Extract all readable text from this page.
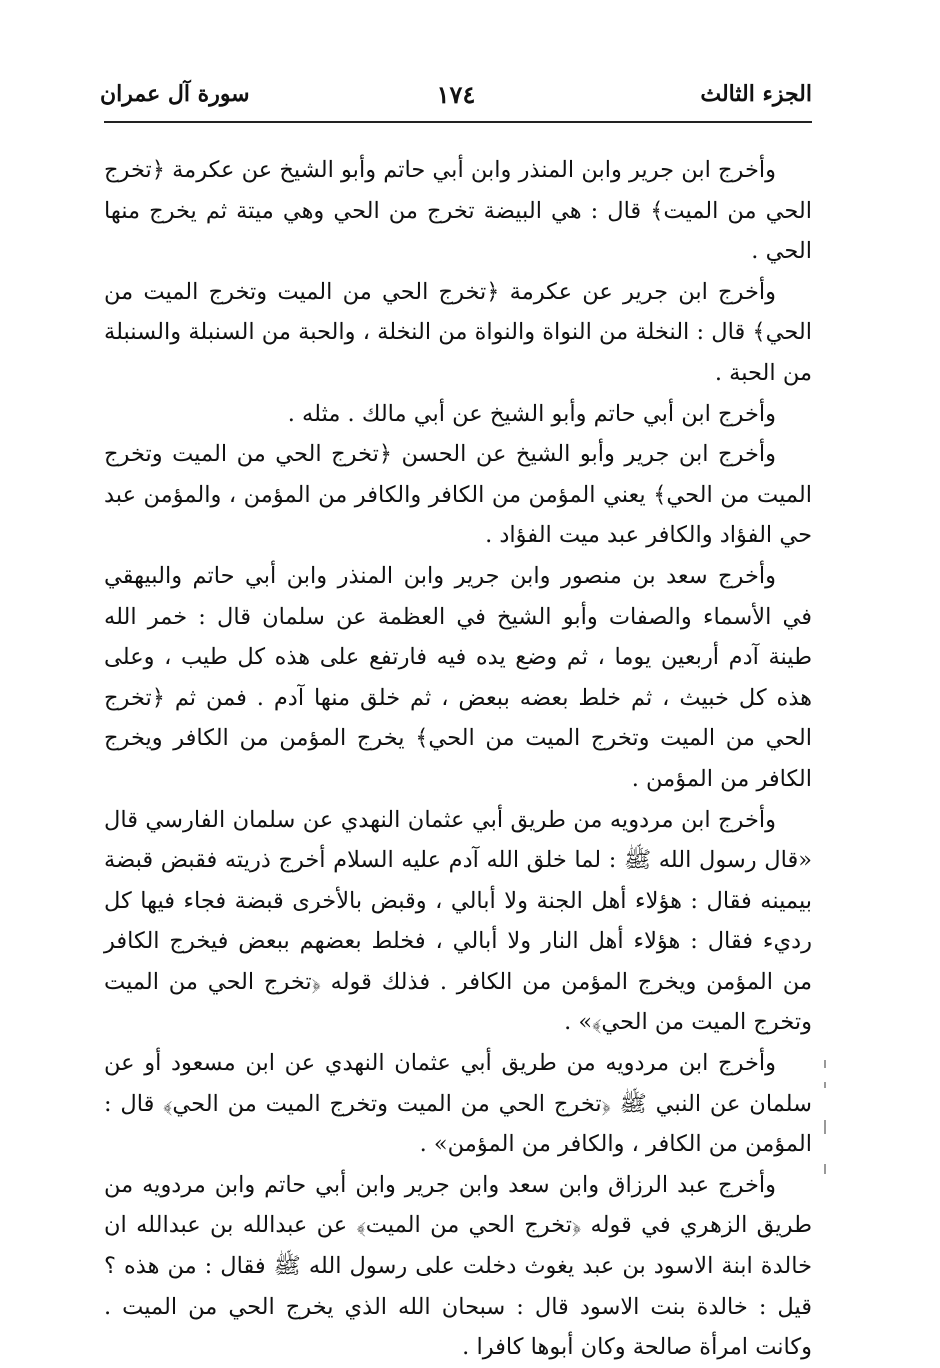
الجزء الثالث
١٧٤
سورة آل عمران

وأخرج ابن جرير وابن المنذر وابن أبي حاتم وأبو الشيخ عن عكرمة ﴿تخرج الحي من الميت﴾ قال : هي البيضة تخرج من الحي وهي ميتة ثم يخرج منها الحي .

وأخرج ابن جرير عن عكرمة ﴿تخرج الحي من الميت وتخرج الميت من الحي﴾ قال : النخلة من النواة والنواة من النخلة ، والحبة من السنبلة والسنبلة من الحبة .

وأخرج ابن أبي حاتم وأبو الشيخ عن أبي مالك . مثله .

وأخرج ابن جرير وأبو الشيخ عن الحسن ﴿تخرج الحي من الميت وتخرج الميت من الحي﴾ يعني المؤمن من الكافر والكافر من المؤمن ، والمؤمن عبد حي الفؤاد والكافر عبد ميت الفؤاد .

وأخرج سعد بن منصور وابن جرير وابن المنذر وابن أبي حاتم والبيهقي في الأسماء والصفات وأبو الشيخ في العظمة عن سلمان قال : خمر الله طينة آدم أربعين يوما ، ثم وضع يده فيه فارتفع على هذه كل طيب ، وعلى هذه كل خبيث ، ثم خلط بعضه ببعض ، ثم خلق منها آدم . فمن ثم ﴿تخرج الحي من الميت وتخرج الميت من الحي﴾ يخرج المؤمن من الكافر ويخرج الكافر من المؤمن .

وأخرج ابن مردويه من طريق أبي عثمان النهدي عن سلمان الفارسي قال «قال رسول الله ﷺ : لما خلق الله آدم عليه السلام أخرج ذريته فقبض قبضة بيمينه فقال : هؤلاء أهل الجنة ولا أبالي ، وقبض بالأخرى قبضة فجاء فيها كل رديء فقال : هؤلاء أهل النار ولا أبالي ، فخلط بعضهم ببعض فيخرج الكافر من المؤمن ويخرج المؤمن من الكافر . فذلك قوله ﴿تخرج الحي من الميت وتخرج الميت من الحي﴾» .

وأخرج ابن مردويه من طريق أبي عثمان النهدي عن ابن مسعود أو عن سلمان عن النبي ﷺ ﴿تخرج الحي من الميت وتخرج الميت من الحي﴾ قال : المؤمن من الكافر ، والكافر من المؤمن» .

وأخرج عبد الرزاق وابن سعد وابن جرير وابن أبي حاتم وابن مردويه من طريق الزهري في قوله ﴿تخرج الحي من الميت﴾ عن عبدالله بن عبدالله ان خالدة ابنة الاسود بن عبد يغوث دخلت على رسول الله ﷺ فقال : من هذه ؟ قيل : خالدة بنت الاسود قال : سبحان الله الذي يخرج الحي من الميت . وكانت امرأة صالحة وكان أبوها كافرا .
